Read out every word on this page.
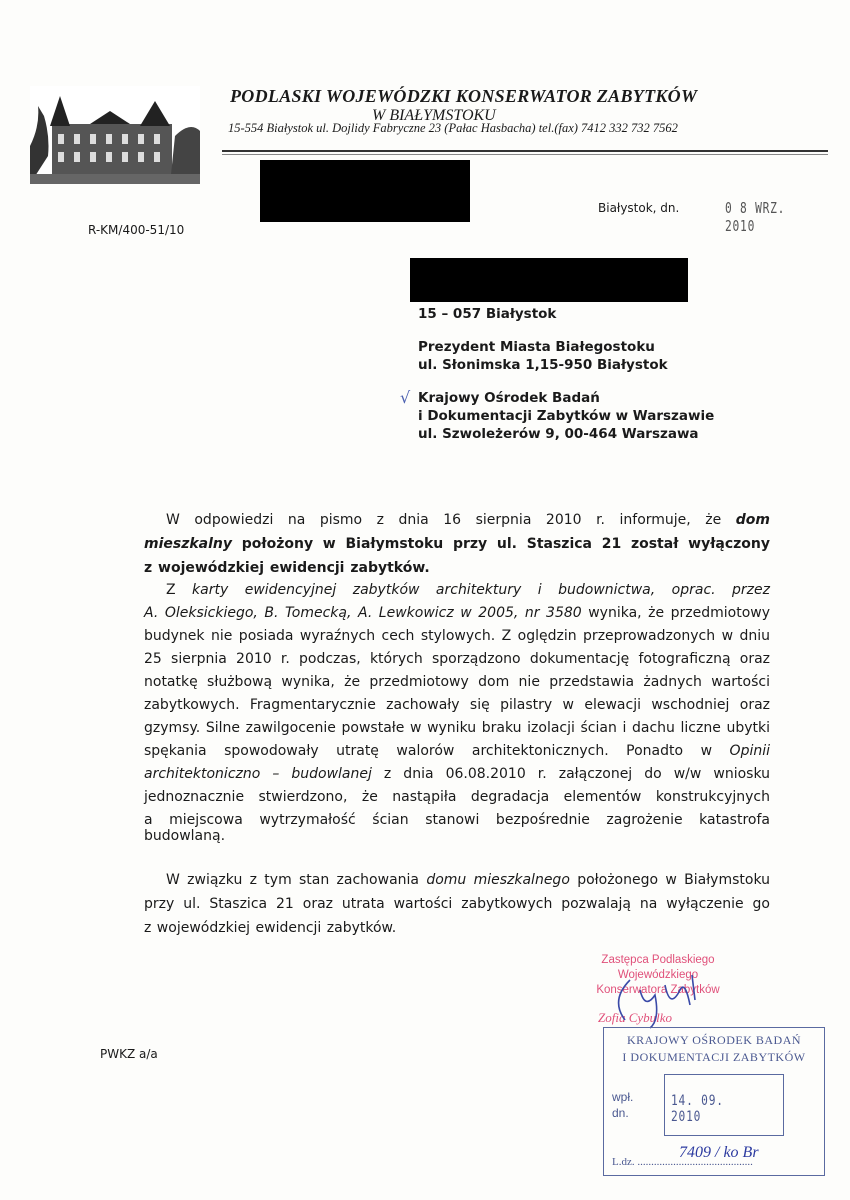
PODLASKI WOJEWÓDZKI KONSERWATOR ZABYTKÓW
W BIAŁYMSTOKU
15-554 Białystok ul. Dojlidy Fabryczne 23 (Pałac Hasbacha) tel.(fax) 7412 332 732 7562
R-KM/400-51/10
Białystok, dn.	0 8 WRZ. 2010
15 – 057 Białystok
Prezydent Miasta Białegostoku
ul. Słonimska 1,15-950 Białystok
√ Krajowy Ośrodek Badań
i Dokumentacji Zabytków w Warszawie
ul. Szwoleżerów 9, 00-464 Warszawa
W odpowiedzi na pismo z dnia 16 sierpnia 2010 r. informuje, że dom
mieszkalny położony w Białymstoku przy ul. Staszica 21 został wyłączony
z wojewódzkiej ewidencji zabytków.
Z karty ewidencyjnej zabytków architektury i budownictwa, oprac. przez
A. Oleksickiego, B. Tomecką, A. Lewkowicz w 2005, nr 3580 wynika, że przedmiotowy
budynek nie posiada wyraźnych cech stylowych. Z oględzin przeprowadzonych w dniu
25 sierpnia 2010 r. podczas, których sporządzono dokumentację fotograficzną oraz
notatkę służbową wynika, że przedmiotowy dom nie przedstawia żadnych wartości
zabytkowych. Fragmentarycznie zachowały się pilastry w elewacji wschodniej oraz
gzymsy. Silne zawilgocenie powstałe w wyniku braku izolacji ścian i dachu liczne ubytki
spękania spowodowały utratę walorów architektonicznych. Ponadto w Opinii
architektoniczno – budowlanej z dnia 06.08.2010 r. załączonej do w/w wniosku
jednoznacznie stwierdzono, że nastąpiła degradacja elementów konstrukcyjnych
a miejscowa wytrzymałość ścian stanowi bezpośrednie zagrożenie katastrofa budowlaną.
W związku z tym stan zachowania domu mieszkalnego położonego w Białymstoku
przy ul. Staszica 21 oraz utrata wartości zabytkowych pozwalają na wyłączenie go
z wojewódzkiej ewidencji zabytków.
Zastępca Podlaskiego Wojewódzkiego
Konserwatora Zabytków
Zofia Cybulko
KRAJOWY OŚRODEK BADAŃ
I DOKUMENTACJI ZABYTKÓW
wpł.
dn.
14. 09. 2010
L.dz. ..........................................
7409 / ko Br
PWKZ a/a
